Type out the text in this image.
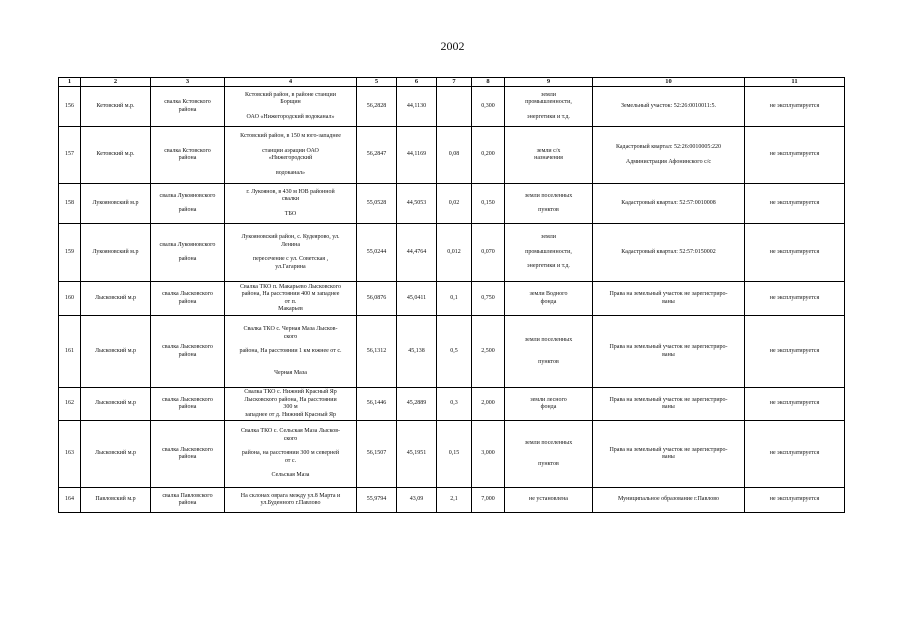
2002
1	2	3	4	5	6	7	8	9	10	11
156	Кетовский м.р.	свалка Кстовского
района	Кстовский район, в районе станции
Борщин
ОАО «Нижегородский водоканал»	56,2828	44,1130		0,300	земли
промышленности,
энергетики и т.д.	Земельный участок: 52:26:0010011:5.	не эксплуатируется
157	Кетовский м.р.	свалка Кстовского
района	Кстовский район, в 150 м юго-западнее
станции аэрации ОАО
«Нижегородский
водоканал»	56,2847	44,1169	0,08	0,200	земли с/х
назначения	Кадастровый квартал: 52:26:0010005:220
Администрация Афонинского с/с	не эксплуатируется
158	Лукояновский м.р	свалка Лукояновского
района	г. Лукоянов, в 430 м ЮВ районной
свалки
ТБО	55,0528	44,5053	0,02	0,150	земли поселенных
пунктов	Кадастровый квартал: 52:57:0010008	не эксплуатируется
159	Лукояновский м.р	свалка Лукояновского
района	Лукояновский район, с. Кудеярово, ул.
Ленина
пересечение с ул. Советская ,
ул.Гагарина	55,0244	44,4764	0,012	0,070	земли
промышленности,
энергетики и т.д.	Кадастровый квартал: 52:57:0150002	не эксплуатируется
160	Лысковский м.р	свалка Лысковского
района	Свалка ТКО п. Макарьево Лысковского
района, На расстоянии 400 м западнее
от п.
Макарьев	56,0876	45,0411	0,1	0,750	земли Водного
фонда	Права на земельный участок не зарегистриро-
ваны	не эксплуатируется
161	Лысковский м.р	свалка Лысковского
района	Свалка ТКО с. Черная Маза Лысков-
ского
района, На расстоянии 1 км южнее от с.
Черная Маза	56,1312	45,138	0,5	2,500	земли поселенных
пунктов	Права на земельный участок не зарегистриро-
ваны	не эксплуатируется
162	Лысковский м.р	свалка Лысковского
района	Свалка ТКО с. Нижний Красный Яр
Лысковского района, На расстоянии
300 м
западнее от д. Нижний Красный Яр	56,1446	45,2889	0,3	2,000	земли лесного
фонда	Права на земельный участок не зарегистриро-
ваны	не эксплуатируется
163	Лысковский м.р	свалка Лысковского
района	Свалка ТКО с. Сельская Маза Лысков-
ского
района, на расстоянии 300 м северней
от с.
Сельская Маза	56,1507	45,1951	0,15	3,000	земли поселенных
пунктов	Права на земельный участок не зарегистриро-
ваны	не эксплуатируется
164	Павловский м.р	свалка Павловского
района	На склонах оврага между ул.8 Марта и
ул.Буденного г.Павлово	55,9794	43,09	2,1	7,000	не установлена	Муниципальное образование г.Павлово	не эксплуатируется
